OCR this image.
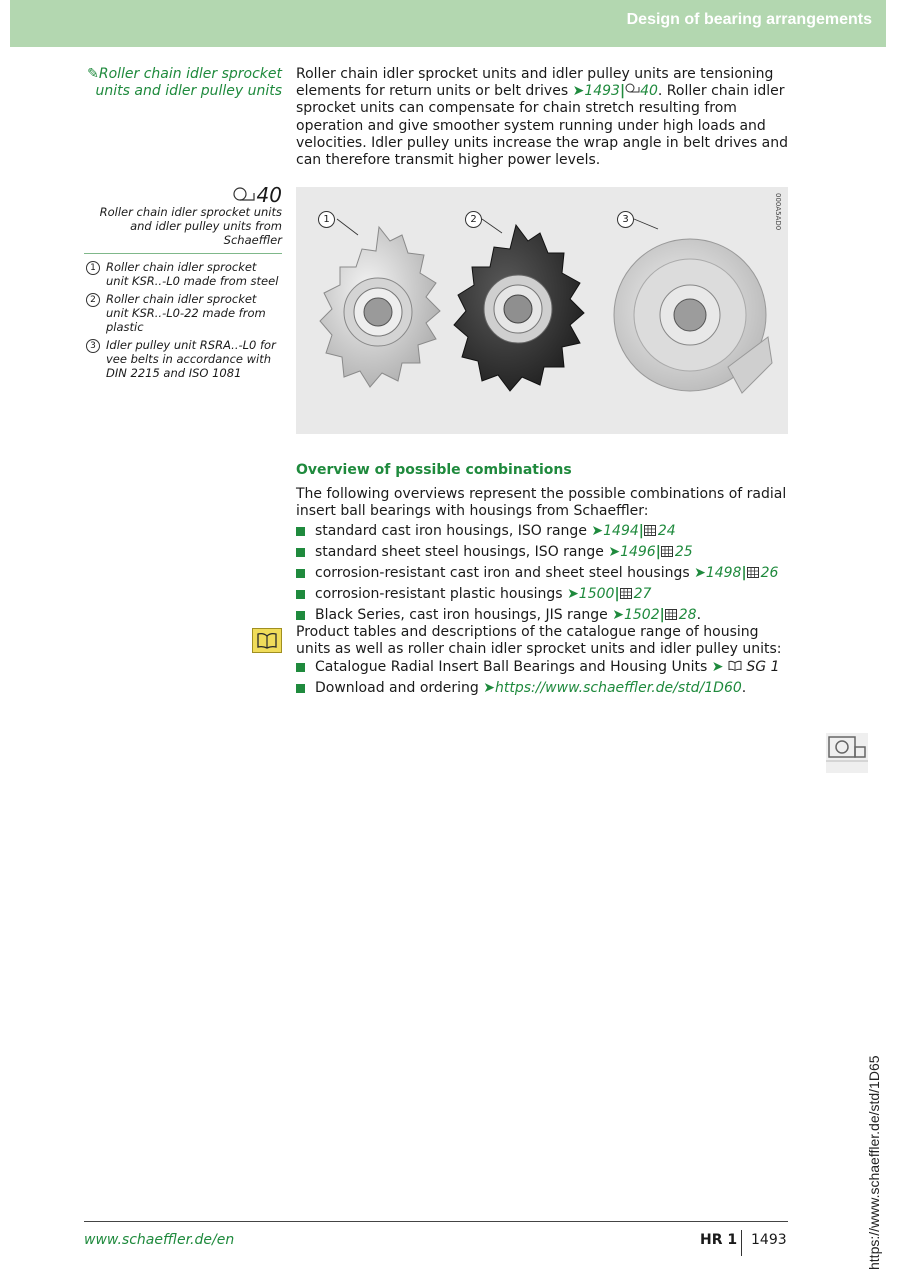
Design of bearing arrangements
✎Roller chain idler sprocket units and idler pulley units
Roller chain idler sprocket units and idler pulley units are tensioning elements for return units or belt drives ➤1493| 40. Roller chain idler sprocket units can compensate for chain stretch resulting from operation and give smoother system running under high loads and velocities. Idler pulley units increase the wrap angle in belt drives and can therefore transmit higher power levels.
40
Roller chain idler sprocket units and idler pulley units from Schaeffler
1 Roller chain idler sprocket unit KSR..-L0 made from steel
2 Roller chain idler sprocket unit KSR..-L0-22 made from plastic
3 Idler pulley unit RSRA..-L0 for vee belts in accordance with DIN 2215 and ISO 1081
000A5AD0
1	2	3
Overview of possible combinations
The following overviews represent the possible combinations of radial insert ball bearings with housings from Schaeffler:
standard cast iron housings, ISO range ➤1494| 24
standard sheet steel housings, ISO range ➤1496| 25
corrosion-resistant cast iron and sheet steel housings ➤1498| 26
corrosion-resistant plastic housings ➤1500| 27
Black Series, cast iron housings, JIS range ➤1502| 28.
Product tables and descriptions of the catalogue range of housing units as well as roller chain idler sprocket units and idler pulley units:
Catalogue Radial Insert Ball Bearings and Housing Units ➤ SG 1
Download and ordering ➤https://www.schaeffler.de/std/1D60.
www.schaeffler.de/en	HR 1 1493	https://www.schaeffler.de/std/1D65
